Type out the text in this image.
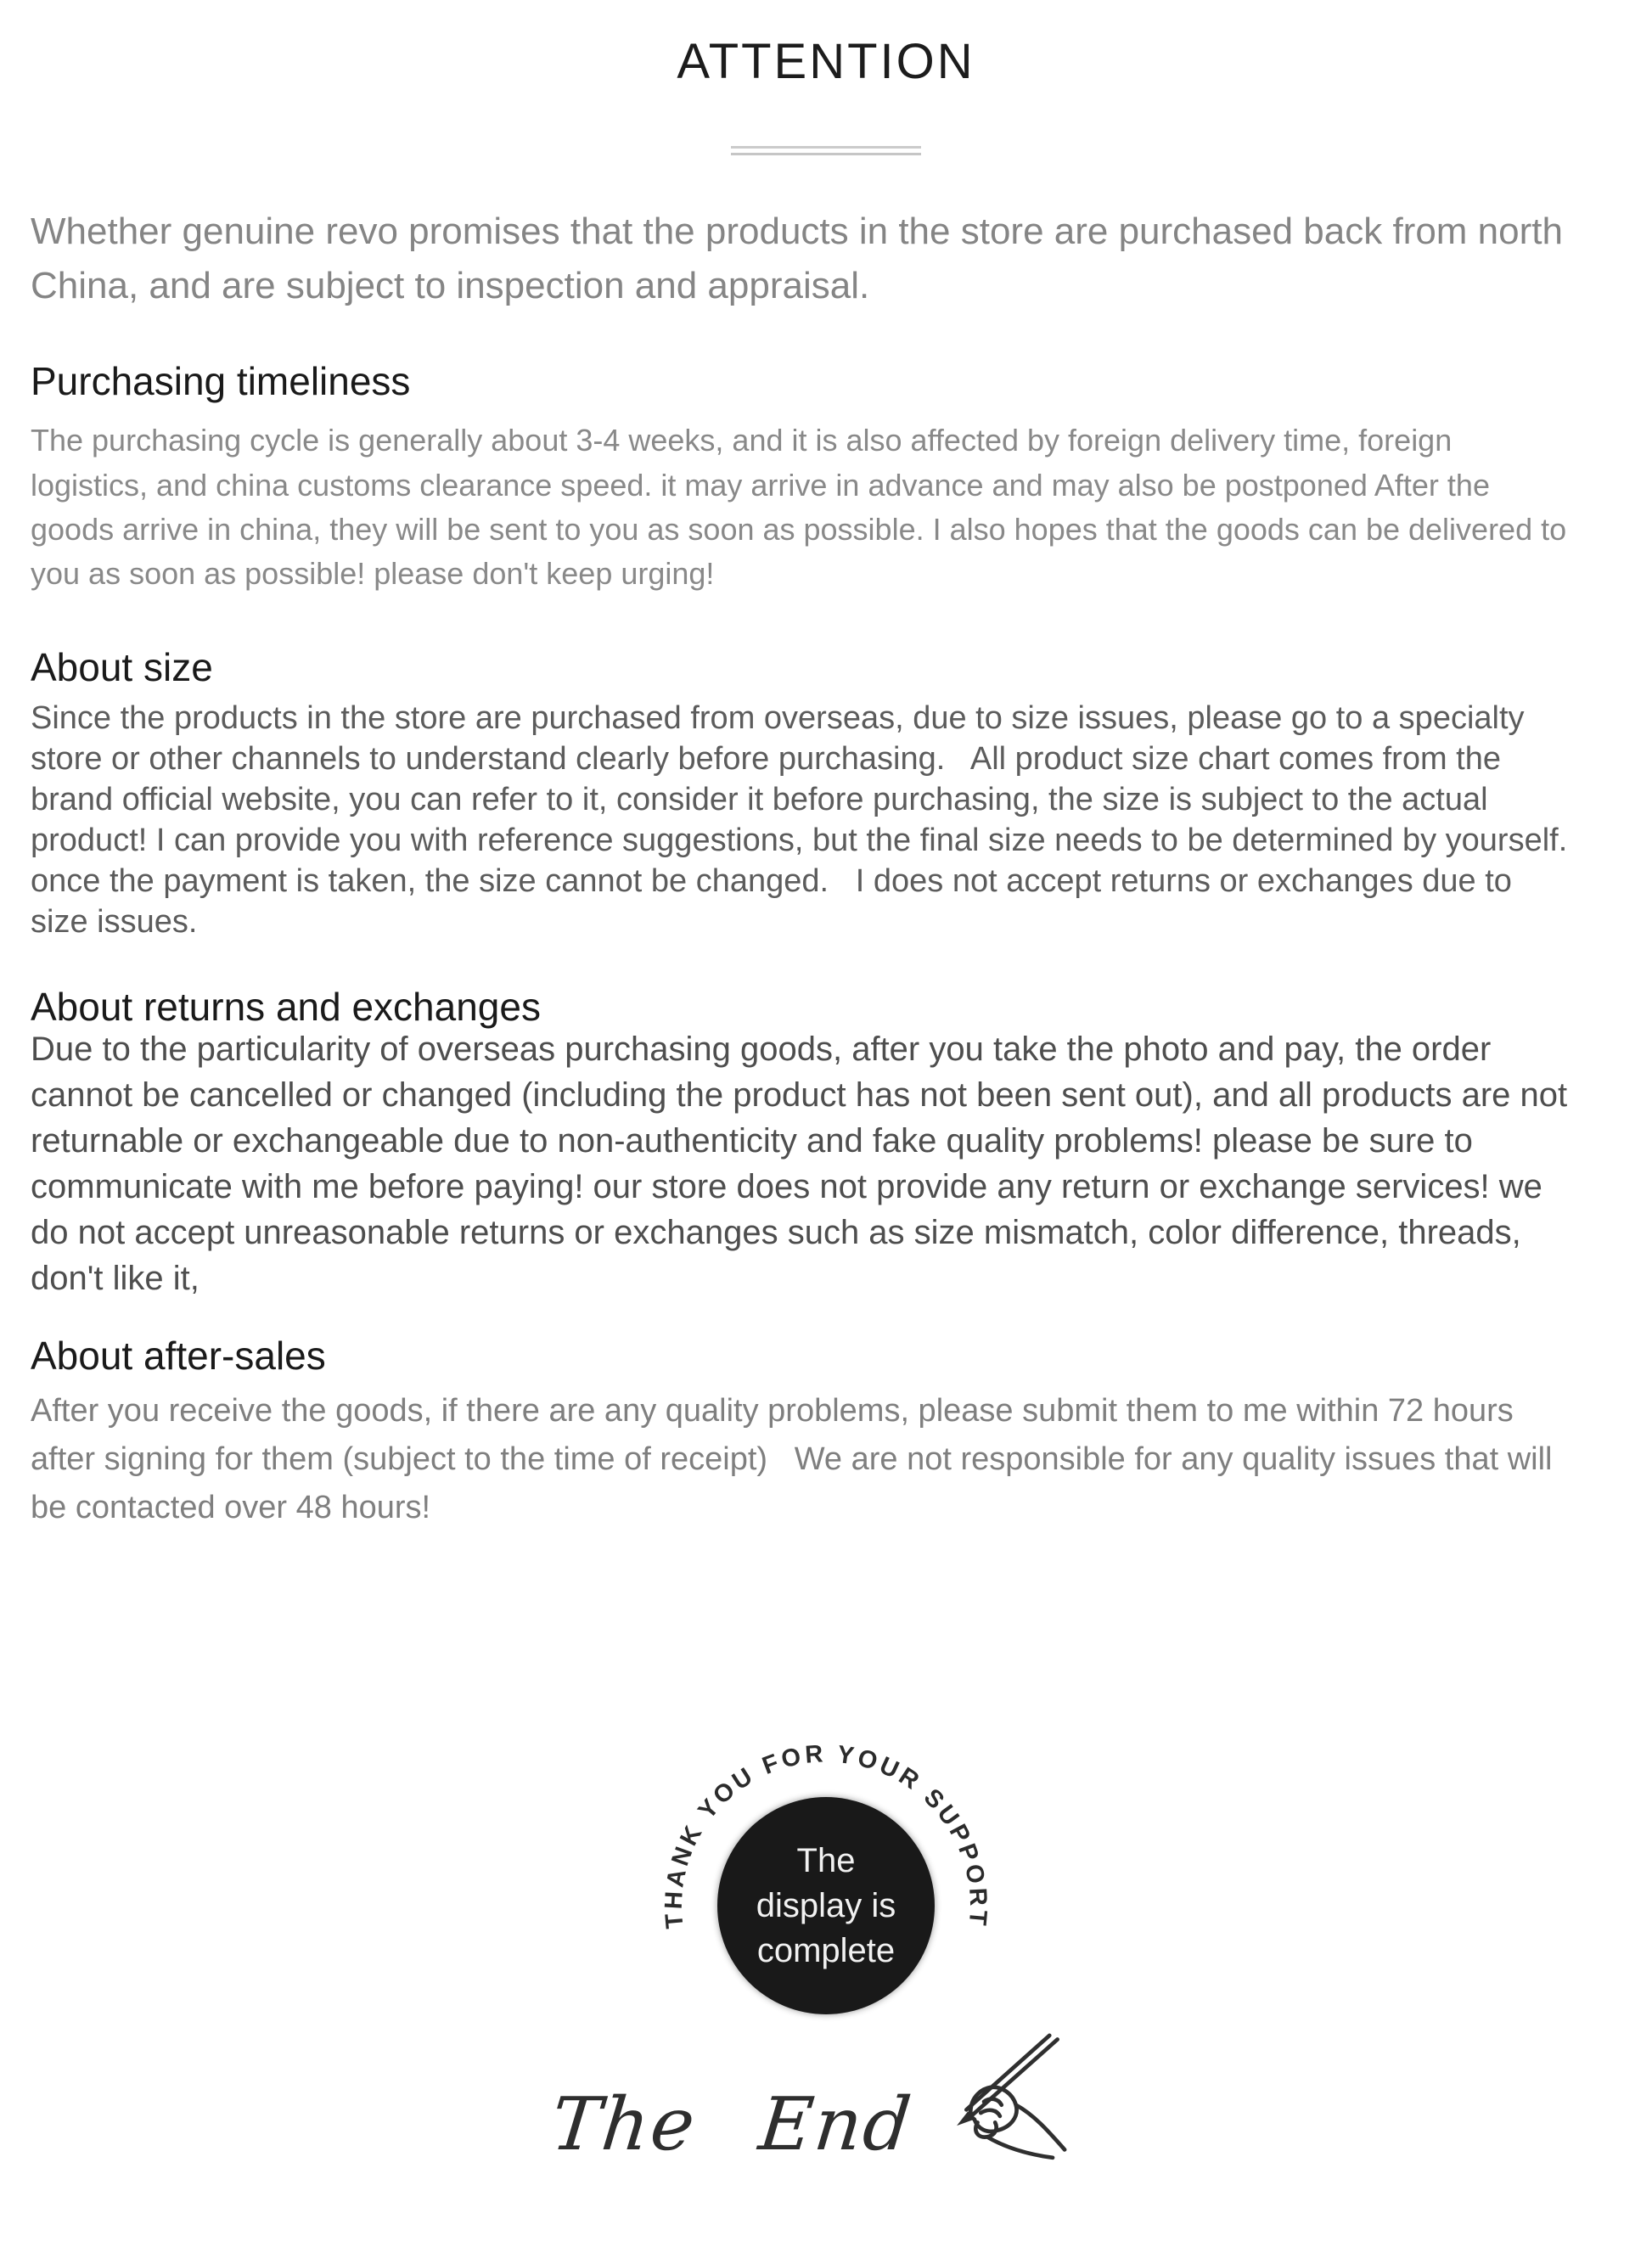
ATTENTION

Whether genuine revo promises that the products in the store are purchased back from north China, and are subject to inspection and appraisal.

Purchasing timeliness

The purchasing cycle is generally about 3-4 weeks, and it is also affected by foreign delivery time, foreign logistics, and china customs clearance speed. it may arrive in advance and may also be postponed After the goods arrive in china, they will be sent to you as soon as possible. I also hopes that the goods can be delivered to you as soon as possible! please don't keep urging!

About size

Since the products in the store are purchased from overseas, due to size issues, please go to a specialty store or other channels to understand clearly before purchasing.   All product size chart comes from the brand official website, you can refer to it, consider it before purchasing, the size is subject to the actual product! I can provide you with reference suggestions, but the final size needs to be determined by yourself. once the payment is taken, the size cannot be changed.   I does not accept returns or exchanges due to size issues.

About returns and exchanges

Due to the particularity of overseas purchasing goods, after you take the photo and pay, the order cannot be cancelled or changed (including the product has not been sent out), and all products are not returnable or exchangeable due to non-authenticity and fake quality problems! please be sure to communicate with me before paying! our store does not provide any return or exchange services! we do not accept unreasonable returns or exchanges such as size mismatch, color difference, threads, don't like it,

About after-sales

After you receive the goods, if there are any quality problems, please submit them to me within 72 hours after signing for them (subject to the time of receipt)   We are not responsible for any quality issues that will be contacted over 48 hours!

THANK YOU FOR YOUR SUPPORT
The
display is
complete
The End
